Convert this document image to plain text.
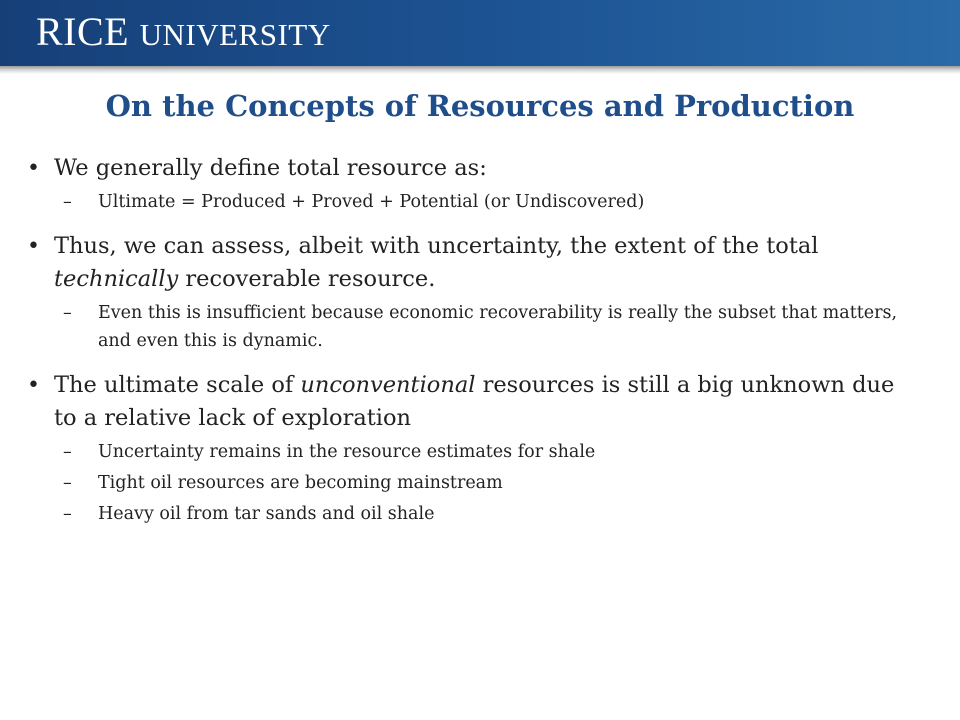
RICE UNIVERSITY
On the Concepts of Resources and Production
• We generally define total resource as:
– Ultimate = Produced + Proved + Potential (or Undiscovered)
• Thus, we can assess, albeit with uncertainty, the extent of the total technically recoverable resource.
– Even this is insufficient because economic recoverability is really the subset that matters, and even this is dynamic.
• The ultimate scale of unconventional resources is still a big unknown due to a relative lack of exploration
– Uncertainty remains in the resource estimates for shale
– Tight oil resources are becoming mainstream
– Heavy oil from tar sands and oil shale
